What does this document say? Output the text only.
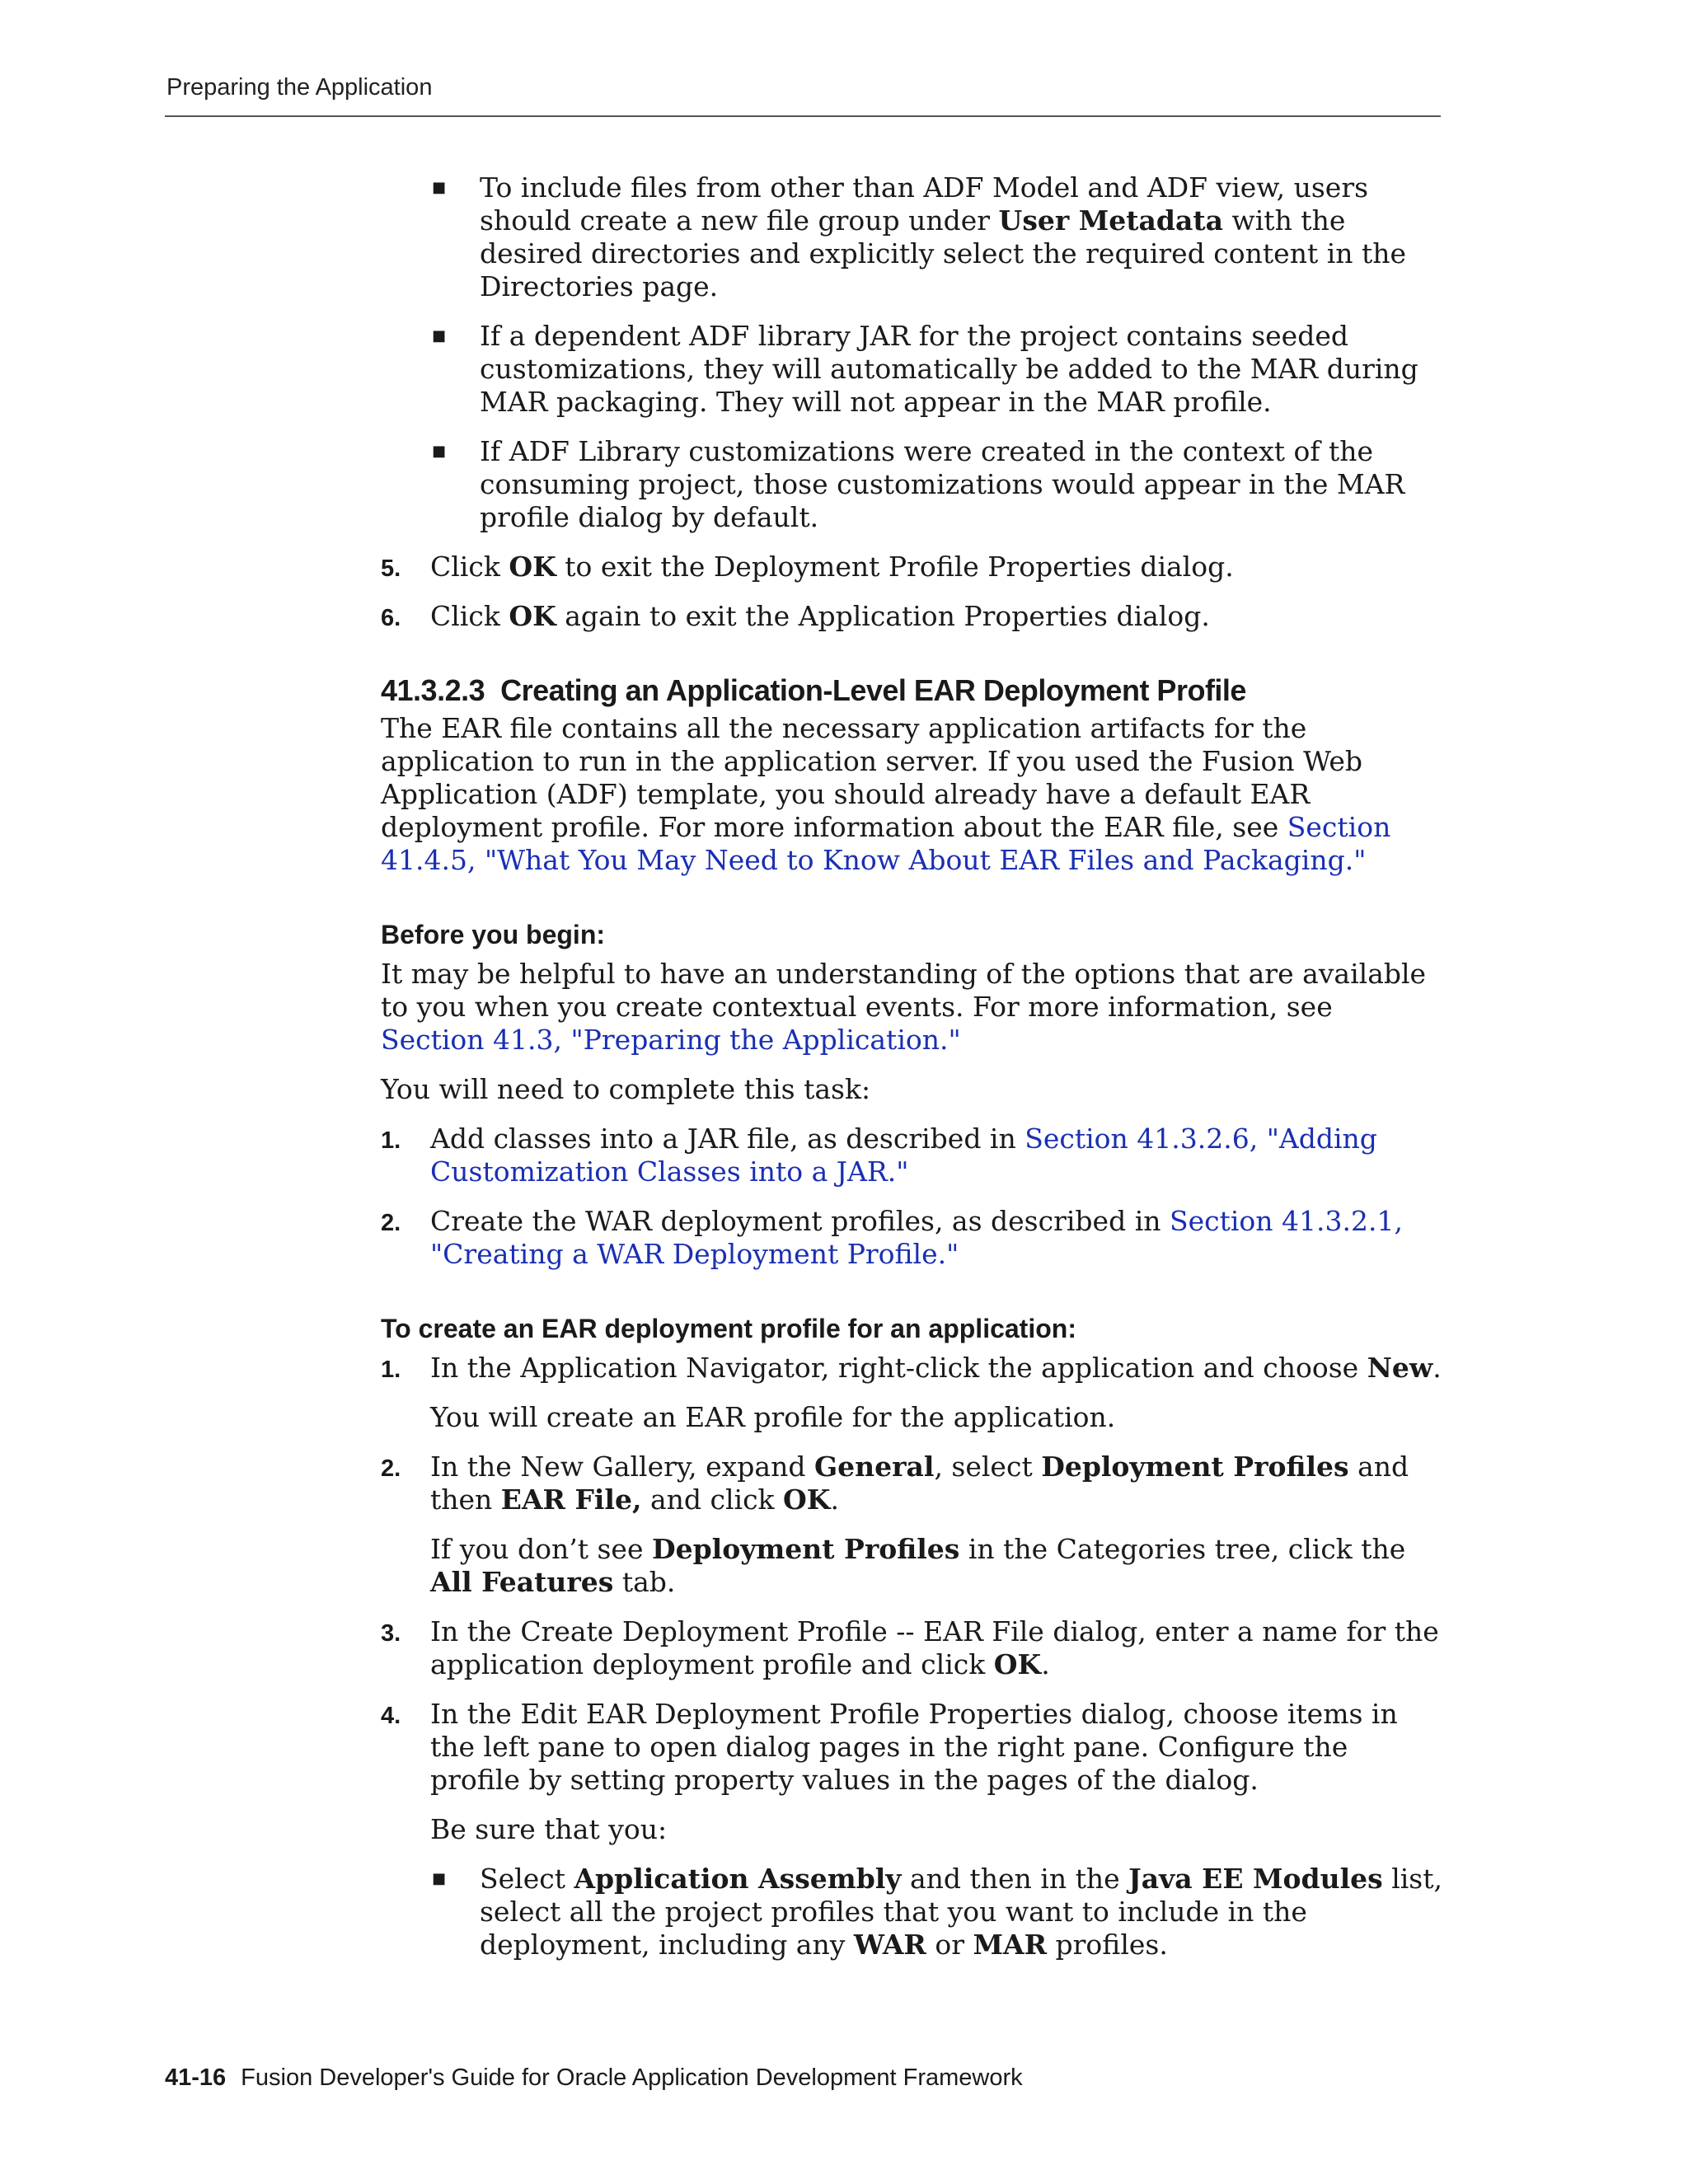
Preparing the Application
■ To include files from other than ADF Model and ADF view, users should create a new file group under User Metadata with the desired directories and explicitly select the required content in the Directories page.
■ If a dependent ADF library JAR for the project contains seeded customizations, they will automatically be added to the MAR during MAR packaging. They will not appear in the MAR profile.
■ If ADF Library customizations were created in the context of the consuming project, those customizations would appear in the MAR profile dialog by default.
5. Click OK to exit the Deployment Profile Properties dialog.
6. Click OK again to exit the Application Properties dialog.
41.3.2.3 Creating an Application-Level EAR Deployment Profile
The EAR file contains all the necessary application artifacts for the application to run in the application server. If you used the Fusion Web Application (ADF) template, you should already have a default EAR deployment profile. For more information about the EAR file, see Section 41.4.5, "What You May Need to Know About EAR Files and Packaging."
Before you begin:
It may be helpful to have an understanding of the options that are available to you when you create contextual events. For more information, see Section 41.3, "Preparing the Application."
You will need to complete this task:
1. Add classes into a JAR file, as described in Section 41.3.2.6, "Adding Customization Classes into a JAR."
2. Create the WAR deployment profiles, as described in Section 41.3.2.1, "Creating a WAR Deployment Profile."
To create an EAR deployment profile for an application:
1. In the Application Navigator, right-click the application and choose New.
You will create an EAR profile for the application.
2. In the New Gallery, expand General, select Deployment Profiles and then EAR File, and click OK.
If you don’t see Deployment Profiles in the Categories tree, click the All Features tab.
3. In the Create Deployment Profile -- EAR File dialog, enter a name for the application deployment profile and click OK.
4. In the Edit EAR Deployment Profile Properties dialog, choose items in the left pane to open dialog pages in the right pane. Configure the profile by setting property values in the pages of the dialog.
Be sure that you:
■ Select Application Assembly and then in the Java EE Modules list, select all the project profiles that you want to include in the deployment, including any WAR or MAR profiles.
41-16 Fusion Developer's Guide for Oracle Application Development Framework
